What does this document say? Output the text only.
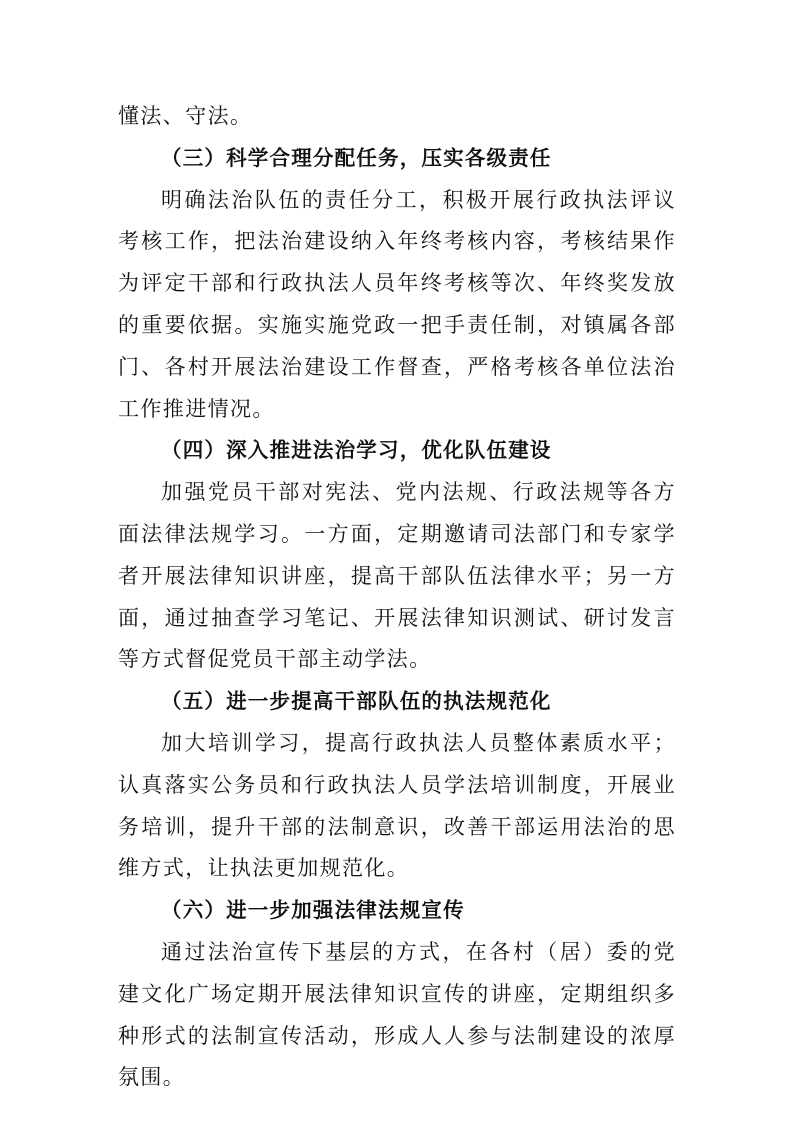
懂法、守法。

（三）科学合理分配任务，压实各级责任

明确法治队伍的责任分工，积极开展行政执法评议考核工作，把法治建设纳入年终考核内容，考核结果作为评定干部和行政执法人员年终考核等次、年终奖发放的重要依据。实施实施党政一把手责任制，对镇属各部门、各村开展法治建设工作督查，严格考核各单位法治工作推进情况。

（四）深入推进法治学习，优化队伍建设

加强党员干部对宪法、党内法规、行政法规等各方面法律法规学习。一方面，定期邀请司法部门和专家学者开展法律知识讲座，提高干部队伍法律水平；另一方面，通过抽查学习笔记、开展法律知识测试、研讨发言等方式督促党员干部主动学法。

（五）进一步提高干部队伍的执法规范化

加大培训学习，提高行政执法人员整体素质水平；认真落实公务员和行政执法人员学法培训制度，开展业务培训，提升干部的法制意识，改善干部运用法治的思维方式，让执法更加规范化。

（六）进一步加强法律法规宣传

通过法治宣传下基层的方式，在各村（居）委的党建文化广场定期开展法律知识宣传的讲座，定期组织多种形式的法制宣传活动，形成人人参与法制建设的浓厚氛围。
